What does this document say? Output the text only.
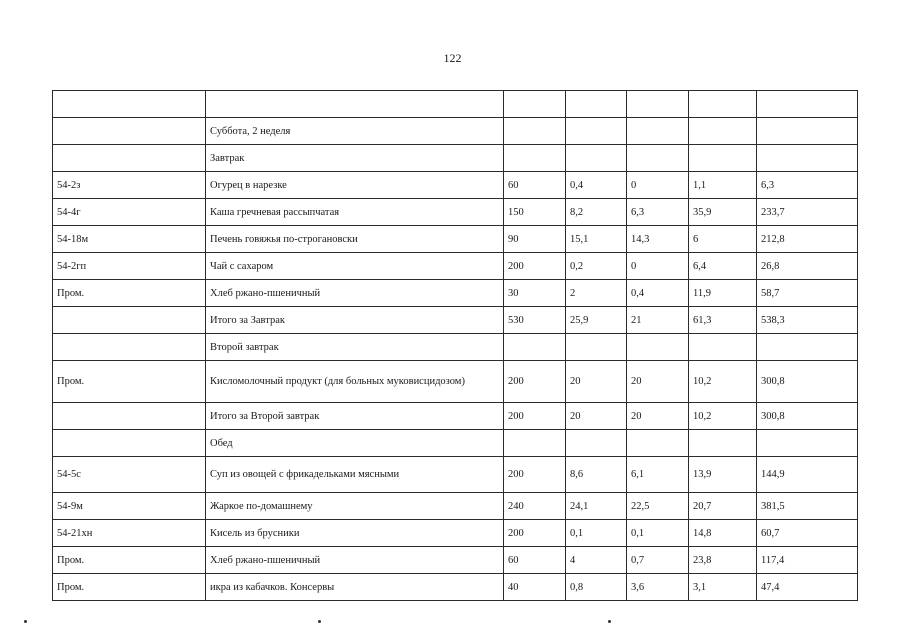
122

	Суббота, 2 неделя					
	Завтрак					
54-2з	Огурец в нарезке	60	0,4	0	1,1	6,3
54-4г	Каша гречневая рассыпчатая	150	8,2	6,3	35,9	233,7
54-18м	Печень говяжья по-строгановски	90	15,1	14,3	6	212,8
54-2гп	Чай с сахаром	200	0,2	0	6,4	26,8
Пром.	Хлеб ржано-пшеничный	30	2	0,4	11,9	58,7
	Итого за Завтрак	530	25,9	21	61,3	538,3
	Второй завтрак					
Пром.	Кисломолочный продукт (для больных муковисцидозом)	200	20	20	10,2	300,8
	Итого за Второй завтрак	200	20	20	10,2	300,8
	Обед					
54-5с	Суп из овощей с фрикадельками мясными	200	8,6	6,1	13,9	144,9
54-9м	Жаркое по-домашнему	240	24,1	22,5	20,7	381,5
54-21хн	Кисель из брусники	200	0,1	0,1	14,8	60,7
Пром.	Хлеб ржано-пшеничный	60	4	0,7	23,8	117,4
Пром.	икра из кабачков. Консервы	40	0,8	3,6	3,1	47,4
